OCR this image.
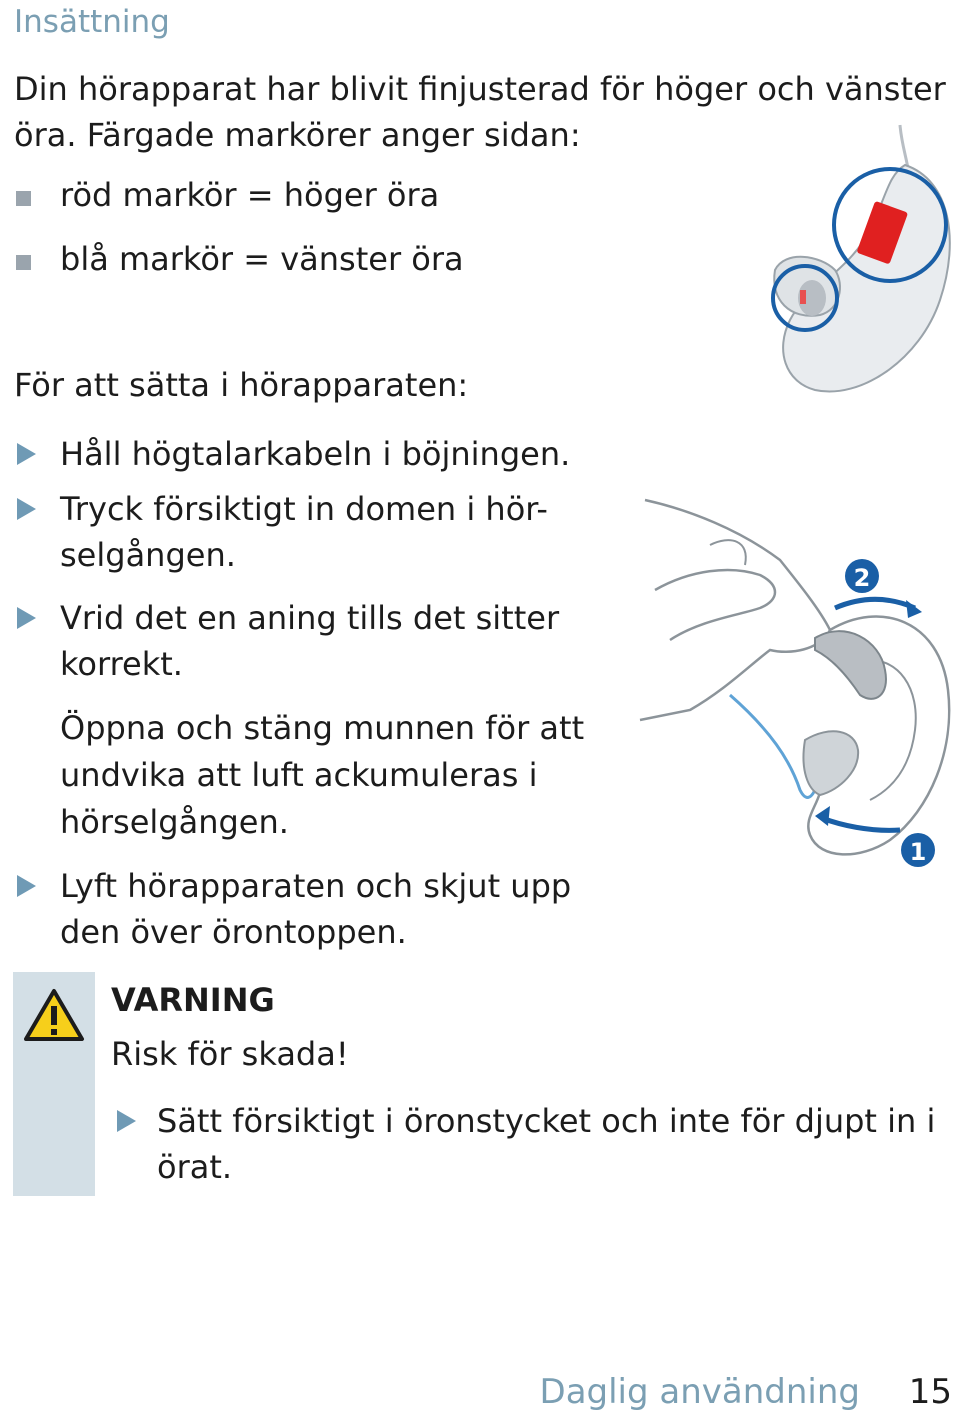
Insättning
Din hörapparat har blivit finjusterad för höger och vänster öra. Färgade markörer anger sidan:
röd markör = höger öra
blå markör = vänster öra
För att sätta i hörapparaten:
Håll högtalarkabeln i böjningen.
Tryck försiktigt in domen i hör-selgången.
Vrid det en aning tills det sitter korrekt.
Öppna och stäng munnen för att undvika att luft ackumuleras i hörselgången.
Lyft hörapparaten och skjut upp den över örontoppen.
2
1
VARNING
Risk för skada!
Sätt försiktigt i öronstycket och inte för djupt in i örat.
Daglig användning 15
